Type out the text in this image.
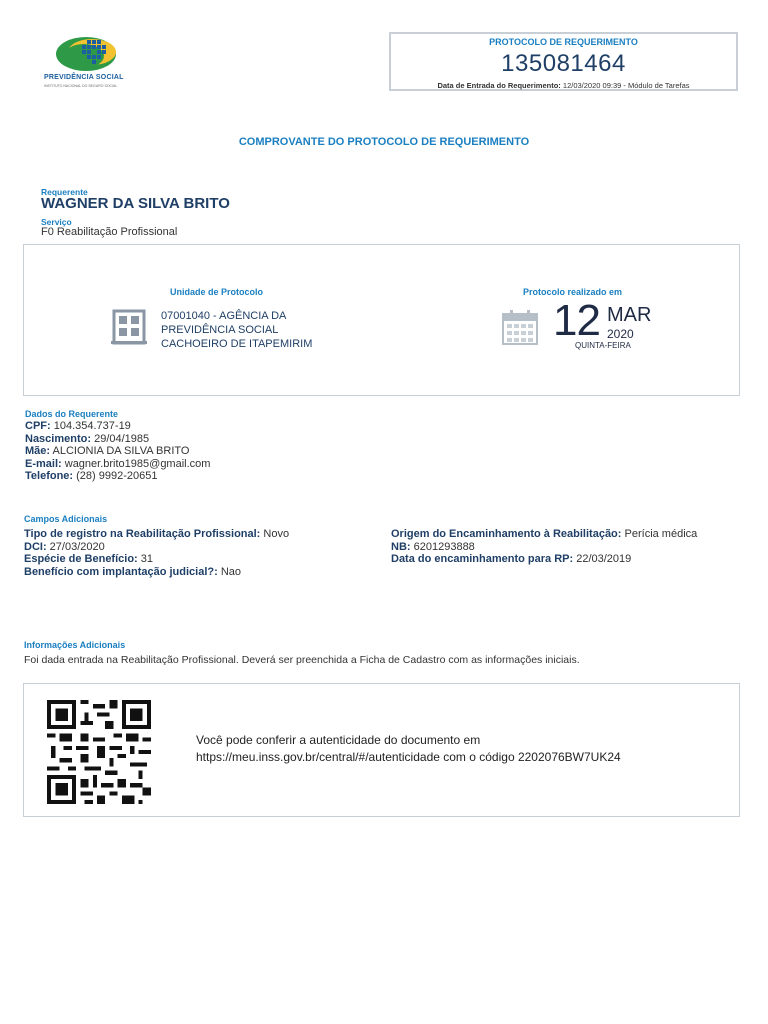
PREVIDÊNCIA SOCIAL
INSTITUTO NACIONAL DO SEGURO SOCIAL
PROTOCOLO DE REQUERIMENTO
135081464
Data de Entrada do Requerimento: 12/03/2020 09:39 - Módulo de Tarefas
COMPROVANTE DO PROTOCOLO DE REQUERIMENTO
Requerente
WAGNER DA SILVA BRITO
Serviço
F0 Reabilitação Profissional
Unidade de Protocolo
07001040 - AGÊNCIA DA
PREVIDÊNCIA SOCIAL
CACHOEIRO DE ITAPEMIRIM
Protocolo realizado em
12 MAR
2020
QUINTA-FEIRA
Dados do Requerente
CPF: 104.354.737-19
Nascimento: 29/04/1985
Mãe: ALCIONIA DA SILVA BRITO
E-mail: wagner.brito1985@gmail.com
Telefone: (28) 9992-20651
Campos Adicionais
Tipo de registro na Reabilitação Profissional: Novo
DCI: 27/03/2020
Espécie de Benefício: 31
Benefício com implantação judicial?: Nao
Origem do Encaminhamento à Reabilitação: Perícia médica
NB: 6201293888
Data do encaminhamento para RP: 22/03/2019
Informações Adicionais
Foi dada entrada na Reabilitação Profissional. Deverá ser preenchida a Ficha de Cadastro com as informações iniciais.
Você pode conferir a autenticidade do documento em
https://meu.inss.gov.br/central/#/autenticidade com o código 2202076BW7UK24
